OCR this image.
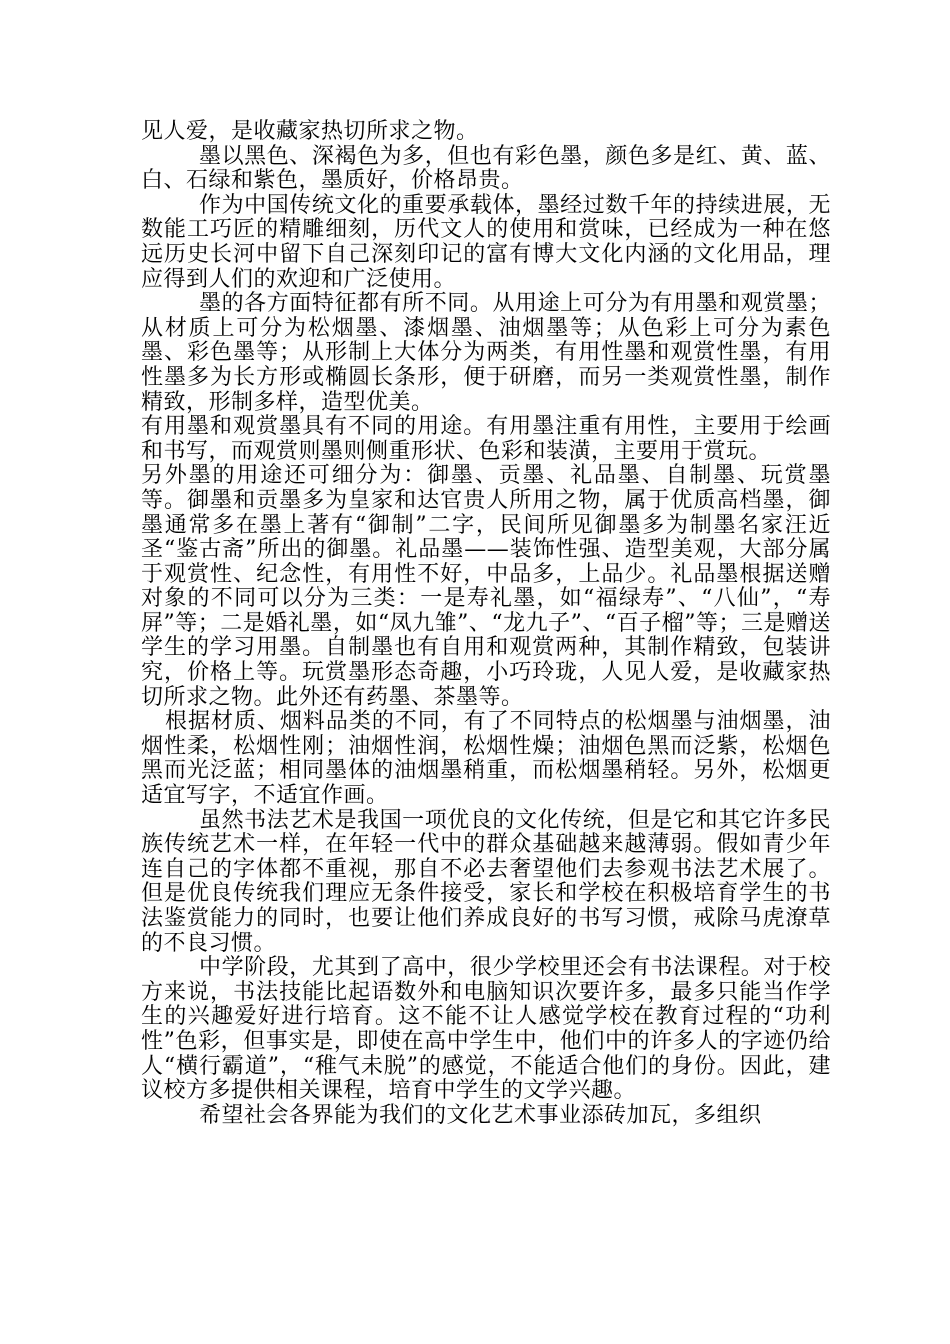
见人爱，是收藏家热切所求之物。

墨以黑色、深褐色为多，但也有彩色墨，颜色多是红、黄、蓝、白、石绿和紫色，墨质好，价格昂贵。

作为中国传统文化的重要承载体，墨经过数千年的持续进展，无数能工巧匠的精雕细刻，历代文人的使用和赏味，已经成为一种在悠远历史长河中留下自己深刻印记的富有博大文化内涵的文化用品，理应得到人们的欢迎和广泛使用。

墨的各方面特征都有所不同。从用途上可分为有用墨和观赏墨；从材质上可分为松烟墨、漆烟墨、油烟墨等；从色彩上可分为素色墨、彩色墨等；从形制上大体分为两类，有用性墨和观赏性墨，有用性墨多为长方形或椭圆长条形，便于研磨，而另一类观赏性墨，制作精致，形制多样，造型优美。

有用墨和观赏墨具有不同的用途。有用墨注重有用性，主要用于绘画和书写，而观赏则墨则侧重形状、色彩和装潢，主要用于赏玩。

另外墨的用途还可细分为：御墨、贡墨、礼品墨、自制墨、玩赏墨等。御墨和贡墨多为皇家和达官贵人所用之物，属于优质高档墨，御墨通常多在墨上著有“御制”二字，民间所见御墨多为制墨名家汪近圣“鉴古斋”所出的御墨。礼品墨——装饰性强、造型美观，大部分属于观赏性、纪念性，有用性不好，中品多，上品少。礼品墨根据送赠对象的不同可以分为三类：一是寿礼墨，如“福绿寿”、“八仙”，“寿屏”等；二是婚礼墨，如“凤九雏”、“龙九子”、“百子榴”等；三是赠送学生的学习用墨。自制墨也有自用和观赏两种，其制作精致，包装讲究，价格上等。玩赏墨形态奇趣，小巧玲珑，人见人爱，是收藏家热切所求之物。此外还有药墨、茶墨等。

根据材质、烟料品类的不同，有了不同特点的松烟墨与油烟墨，油烟性柔，松烟性刚；油烟性润，松烟性燥；油烟色黑而泛紫，松烟色黑而光泛蓝；相同墨体的油烟墨稍重，而松烟墨稍轻。另外，松烟更适宜写字，不适宜作画。

虽然书法艺术是我国一项优良的文化传统，但是它和其它许多民族传统艺术一样，在年轻一代中的群众基础越来越薄弱。假如青少年连自己的字体都不重视，那自不必去奢望他们去参观书法艺术展了。但是优良传统我们理应无条件接受，家长和学校在积极培育学生的书法鉴赏能力的同时，也要让他们养成良好的书写习惯，戒除马虎潦草的不良习惯。

中学阶段，尤其到了高中，很少学校里还会有书法课程。对于校方来说，书法技能比起语数外和电脑知识次要许多，最多只能当作学生的兴趣爱好进行培育。这不能不让人感觉学校在教育过程的“功利性”色彩，但事实是，即使在高中学生中，他们中的许多人的字迹仍给人“横行霸道”，“稚气未脱”的感觉，不能适合他们的身份。因此，建议校方多提供相关课程，培育中学生的文学兴趣。

希望社会各界能为我们的文化艺术事业添砖加瓦，多组织
